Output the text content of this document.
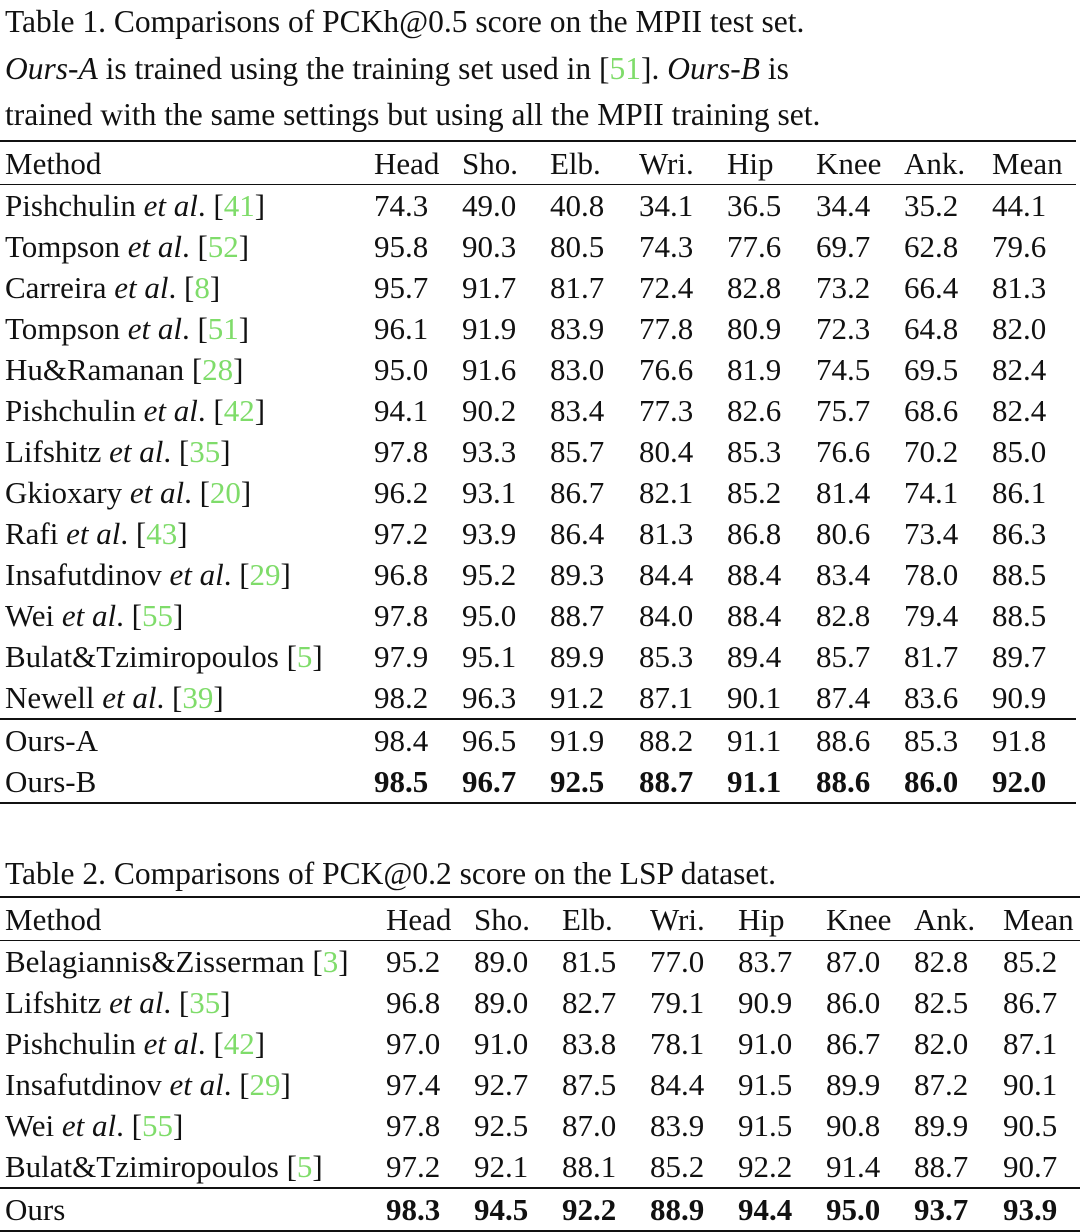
Table 1. Comparisons of PCKh@0.5 score on the MPII test set.
Ours-A is trained using the training set used in [51]. Ours-B is
trained with the same settings but using all the MPII training set.
Method	Head	Sho.	Elb.	Wri.	Hip	Knee	Ank.	Mean
Pishchulin et al. [41]	74.3	49.0	40.8	34.1	36.5	34.4	35.2	44.1
Tompson et al. [52]	95.8	90.3	80.5	74.3	77.6	69.7	62.8	79.6
Carreira et al. [8]	95.7	91.7	81.7	72.4	82.8	73.2	66.4	81.3
Tompson et al. [51]	96.1	91.9	83.9	77.8	80.9	72.3	64.8	82.0
Hu&Ramanan [28]	95.0	91.6	83.0	76.6	81.9	74.5	69.5	82.4
Pishchulin et al. [42]	94.1	90.2	83.4	77.3	82.6	75.7	68.6	82.4
Lifshitz et al. [35]	97.8	93.3	85.7	80.4	85.3	76.6	70.2	85.0
Gkioxary et al. [20]	96.2	93.1	86.7	82.1	85.2	81.4	74.1	86.1
Rafi et al. [43]	97.2	93.9	86.4	81.3	86.8	80.6	73.4	86.3
Insafutdinov et al. [29]	96.8	95.2	89.3	84.4	88.4	83.4	78.0	88.5
Wei et al. [55]	97.8	95.0	88.7	84.0	88.4	82.8	79.4	88.5
Bulat&Tzimiropoulos [5]	97.9	95.1	89.9	85.3	89.4	85.7	81.7	89.7
Newell et al. [39]	98.2	96.3	91.2	87.1	90.1	87.4	83.6	90.9
Ours-A	98.4	96.5	91.9	88.2	91.1	88.6	85.3	91.8
Ours-B	98.5	96.7	92.5	88.7	91.1	88.6	86.0	92.0
Table 2. Comparisons of PCK@0.2 score on the LSP dataset.
Method	Head	Sho.	Elb.	Wri.	Hip	Knee	Ank.	Mean
Belagiannis&Zisserman [3]	95.2	89.0	81.5	77.0	83.7	87.0	82.8	85.2
Lifshitz et al. [35]	96.8	89.0	82.7	79.1	90.9	86.0	82.5	86.7
Pishchulin et al. [42]	97.0	91.0	83.8	78.1	91.0	86.7	82.0	87.1
Insafutdinov et al. [29]	97.4	92.7	87.5	84.4	91.5	89.9	87.2	90.1
Wei et al. [55]	97.8	92.5	87.0	83.9	91.5	90.8	89.9	90.5
Bulat&Tzimiropoulos [5]	97.2	92.1	88.1	85.2	92.2	91.4	88.7	90.7
Ours	98.3	94.5	92.2	88.9	94.4	95.0	93.7	93.9
